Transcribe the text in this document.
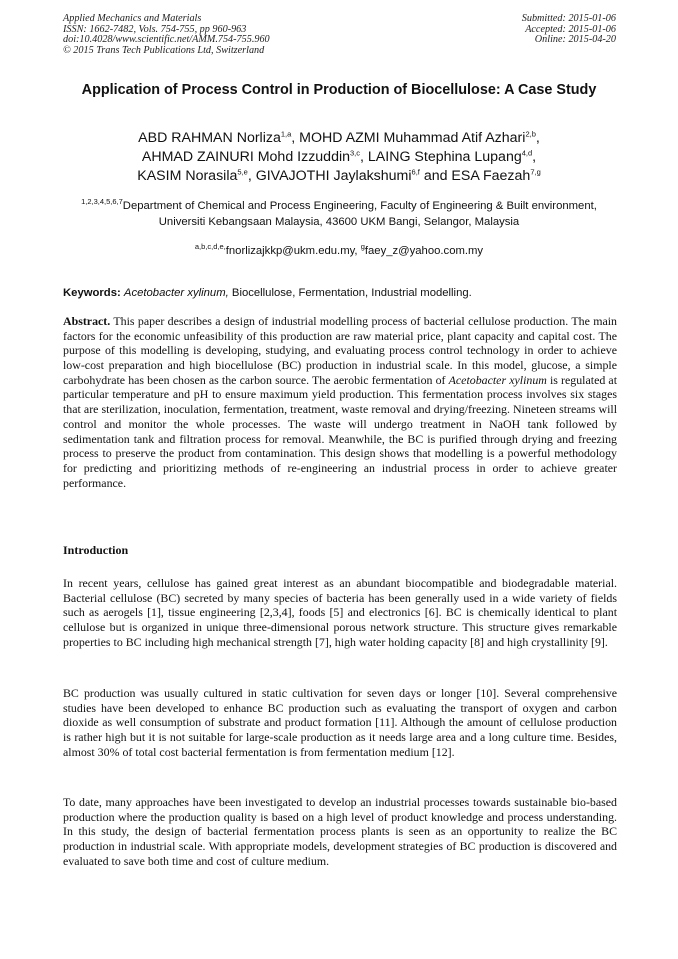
Applied Mechanics and Materials
ISSN: 1662-7482, Vols. 754-755, pp 960-963
doi:10.4028/www.scientific.net/AMM.754-755.960
© 2015 Trans Tech Publications Ltd, Switzerland
Submitted: 2015-01-06
Accepted: 2015-01-06
Online: 2015-04-20
Application of Process Control in Production of Biocellulose: A Case Study
ABD RAHMAN Norliza$^{1,a}$, MOHD AZMI Muhammad Atif Azhari$^{2,b}$,
AHMAD ZAINURI Mohd Izzuddin$^{3,c}$, LAING Stephina Lupang$^{4,d}$,
KASIM Norasila$^{5,e}$, GIVAJOTHI Jaylakshumi$^{6,f}$ and ESA Faezah$^{7,g}$
$^{1,2,3,4,5,6,7}$Department of Chemical and Process Engineering, Faculty of Engineering & Built environment, Universiti Kebangsaan Malaysia, 43600 UKM Bangi, Selangor, Malaysia
$^{a,b,c,d,e,}$fnorlizajkkp@ukm.edu.my, $^g$faey_z@yahoo.com.my
Keywords: Acetobacter xylinum, Biocellulose, Fermentation, Industrial modelling.
Abstract. This paper describes a design of industrial modelling process of bacterial cellulose production. The main factors for the economic unfeasibility of this production are raw material price, plant capacity and capital cost. The purpose of this modelling is developing, studying, and evaluating process control technology in order to achieve low-cost preparation and high biocellulose (BC) production in industrial scale. In this model, glucose, a simple carbohydrate has been chosen as the carbon source. The aerobic fermentation of Acetobacter xylinum is regulated at particular temperature and pH to ensure maximum yield production. This fermentation process involves six stages that are sterilization, inoculation, fermentation, treatment, waste removal and drying/freezing. Nineteen streams will control and monitor the whole processes. The waste will undergo treatment in NaOH tank followed by sedimentation tank and filtration process for removal. Meanwhile, the BC is purified through drying and freezing process to preserve the product from contamination. This design shows that modelling is a powerful methodology for predicting and prioritizing methods of re-engineering an industrial process in order to achieve greater performance.
Introduction
In recent years, cellulose has gained great interest as an abundant biocompatible and biodegradable material. Bacterial cellulose (BC) secreted by many species of bacteria has been generally used in a wide variety of fields such as aerogels [1], tissue engineering [2,3,4], foods [5] and electronics [6]. BC is chemically identical to plant cellulose but is organized in unique three-dimensional porous network structure. This structure gives remarkable properties to BC including high mechanical strength [7], high water holding capacity [8] and high crystallinity [9].
BC production was usually cultured in static cultivation for seven days or longer [10]. Several comprehensive studies have been developed to enhance BC production such as evaluating the transport of oxygen and carbon dioxide as well consumption of substrate and product formation [11]. Although the amount of cellulose production is rather high but it is not suitable for large-scale production as it needs large area and a long culture time. Besides, almost 30% of total cost bacterial fermentation is from fermentation medium [12].
To date, many approaches have been investigated to develop an industrial processes towards sustainable bio-based production where the production quality is based on a high level of product knowledge and process understanding. In this study, the design of bacterial fermentation process plants is seen as an opportunity to realize the BC production in industrial scale. With appropriate models, development strategies of BC production is discovered and evaluated to save both time and cost of culture medium.
